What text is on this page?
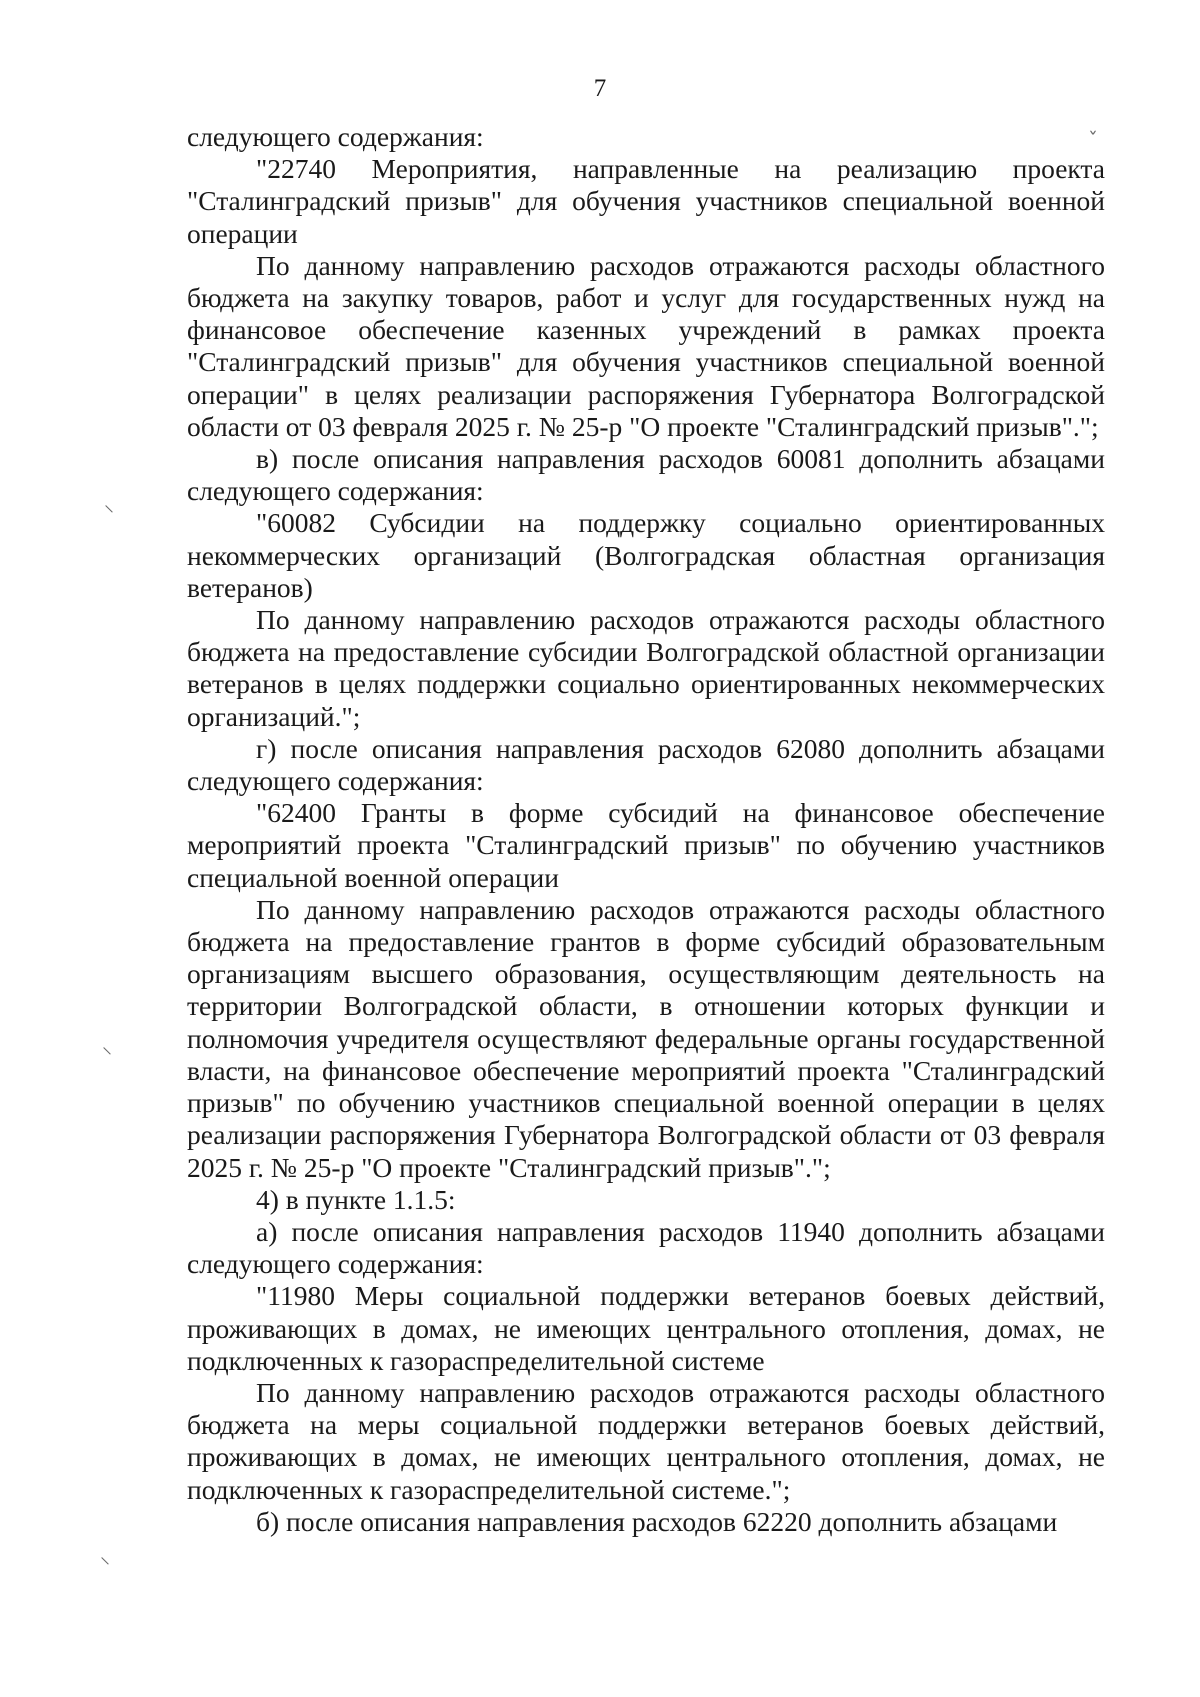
7
ˇ
⸜
⸜
⸜

следующего содержания:

"22740 Мероприятия, направленные на реализацию проекта "Сталинградский призыв" для обучения участников специальной военной операции

По данному направлению расходов отражаются расходы областного бюджета на закупку товаров, работ и услуг для государственных нужд на финансовое обеспечение казенных учреждений в рамках проекта "Сталинградский призыв" для обучения участников специальной военной операции" в целях реализации распоряжения Губернатора Волгоградской области от 03 февраля 2025 г. № 25-р "О проекте "Сталинградский призыв".";

в) после описания направления расходов 60081 дополнить абзацами следующего содержания:

"60082 Субсидии на поддержку социально ориентированных некоммерческих организаций (Волгоградская областная организация ветеранов)

По данному направлению расходов отражаются расходы областного бюджета на предоставление субсидии Волгоградской областной организации ветеранов в целях поддержки социально ориентированных некоммерческих организаций.";

г) после описания направления расходов 62080 дополнить абзацами следующего содержания:

"62400 Гранты в форме субсидий на финансовое обеспечение мероприятий проекта "Сталинградский призыв" по обучению участников специальной военной операции

По данному направлению расходов отражаются расходы областного бюджета на предоставление грантов в форме субсидий образовательным организациям высшего образования, осуществляющим деятельность на территории Волгоградской области, в отношении которых функции и полномочия учредителя осуществляют федеральные органы государственной власти, на финансовое обеспечение мероприятий проекта "Сталинградский призыв" по обучению участников специальной военной операции в целях реализации распоряжения Губернатора Волгоградской области от 03 февраля 2025 г. № 25-р "О проекте "Сталинградский призыв".";

4) в пункте 1.1.5:

а) после описания направления расходов 11940 дополнить абзацами следующего содержания:

"11980 Меры социальной поддержки ветеранов боевых действий, проживающих в домах, не имеющих центрального отопления, домах, не подключенных к газораспределительной системе

По данному направлению расходов отражаются расходы областного бюджета на меры социальной поддержки ветеранов боевых действий, проживающих в домах, не имеющих центрального отопления, домах, не подключенных к газораспределительной системе.";

б) после описания направления расходов 62220 дополнить абзацами
